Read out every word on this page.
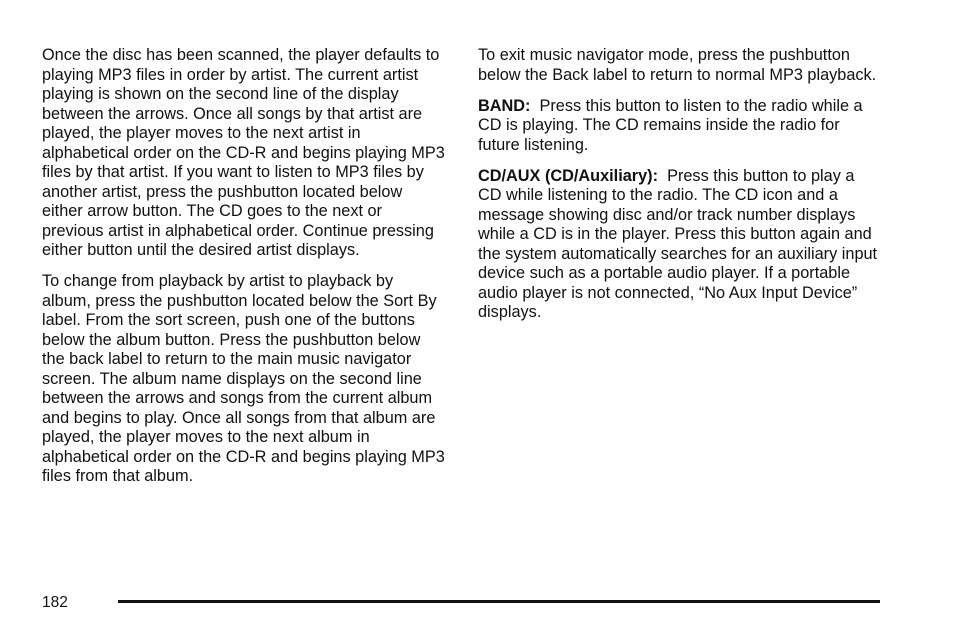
Once the disc has been scanned, the player defaults to playing MP3 files in order by artist. The current artist playing is shown on the second line of the display between the arrows. Once all songs by that artist are played, the player moves to the next artist in alphabetical order on the CD-R and begins playing MP3 files by that artist. If you want to listen to MP3 files by another artist, press the pushbutton located below either arrow button. The CD goes to the next or previous artist in alphabetical order. Continue pressing either button until the desired artist displays.

To change from playback by artist to playback by album, press the pushbutton located below the Sort By label. From the sort screen, push one of the buttons below the album button. Press the pushbutton below the back label to return to the main music navigator screen. The album name displays on the second line between the arrows and songs from the current album and begins to play. Once all songs from that album are played, the player moves to the next album in alphabetical order on the CD-R and begins playing MP3 files from that album.

To exit music navigator mode, press the pushbutton below the Back label to return to normal MP3 playback.

BAND: Press this button to listen to the radio while a CD is playing. The CD remains inside the radio for future listening.

CD/AUX (CD/Auxiliary): Press this button to play a CD while listening to the radio. The CD icon and a message showing disc and/or track number displays while a CD is in the player. Press this button again and the system automatically searches for an auxiliary input device such as a portable audio player. If a portable audio player is not connected, “No Aux Input Device” displays.

182
